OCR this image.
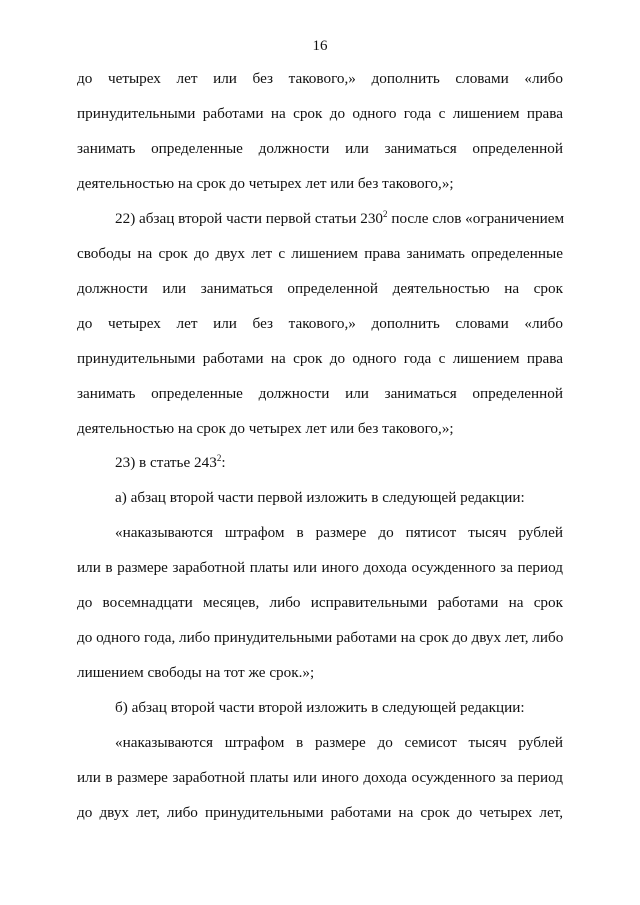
16
до четырех лет или без такового,» дополнить словами «либо
принудительными работами на срок до одного года с лишением права
занимать определенные должности или заниматься определенной
деятельностью на срок до четырех лет или без такового,»;
22) абзац второй части первой статьи $230^2$ после слов «ограничением
свободы на срок до двух лет с лишением права занимать определенные
должности или заниматься определенной деятельностью на срок
до четырех лет или без такового,» дополнить словами «либо
принудительными работами на срок до одного года с лишением права
занимать определенные должности или заниматься определенной
деятельностью на срок до четырех лет или без такового,»;
23) в статье $243^2$:
а) абзац второй части первой изложить в следующей редакции:
«наказываются штрафом в размере до пятисот тысяч рублей
или в размере заработной платы или иного дохода осужденного за период
до восемнадцати месяцев, либо исправительными работами на срок
до одного года, либо принудительными работами на срок до двух лет, либо
лишением свободы на тот же срок.»;
б) абзац второй части второй изложить в следующей редакции:
«наказываются штрафом в размере до семисот тысяч рублей
или в размере заработной платы или иного дохода осужденного за период
до двух лет, либо принудительными работами на срок до четырех лет,
